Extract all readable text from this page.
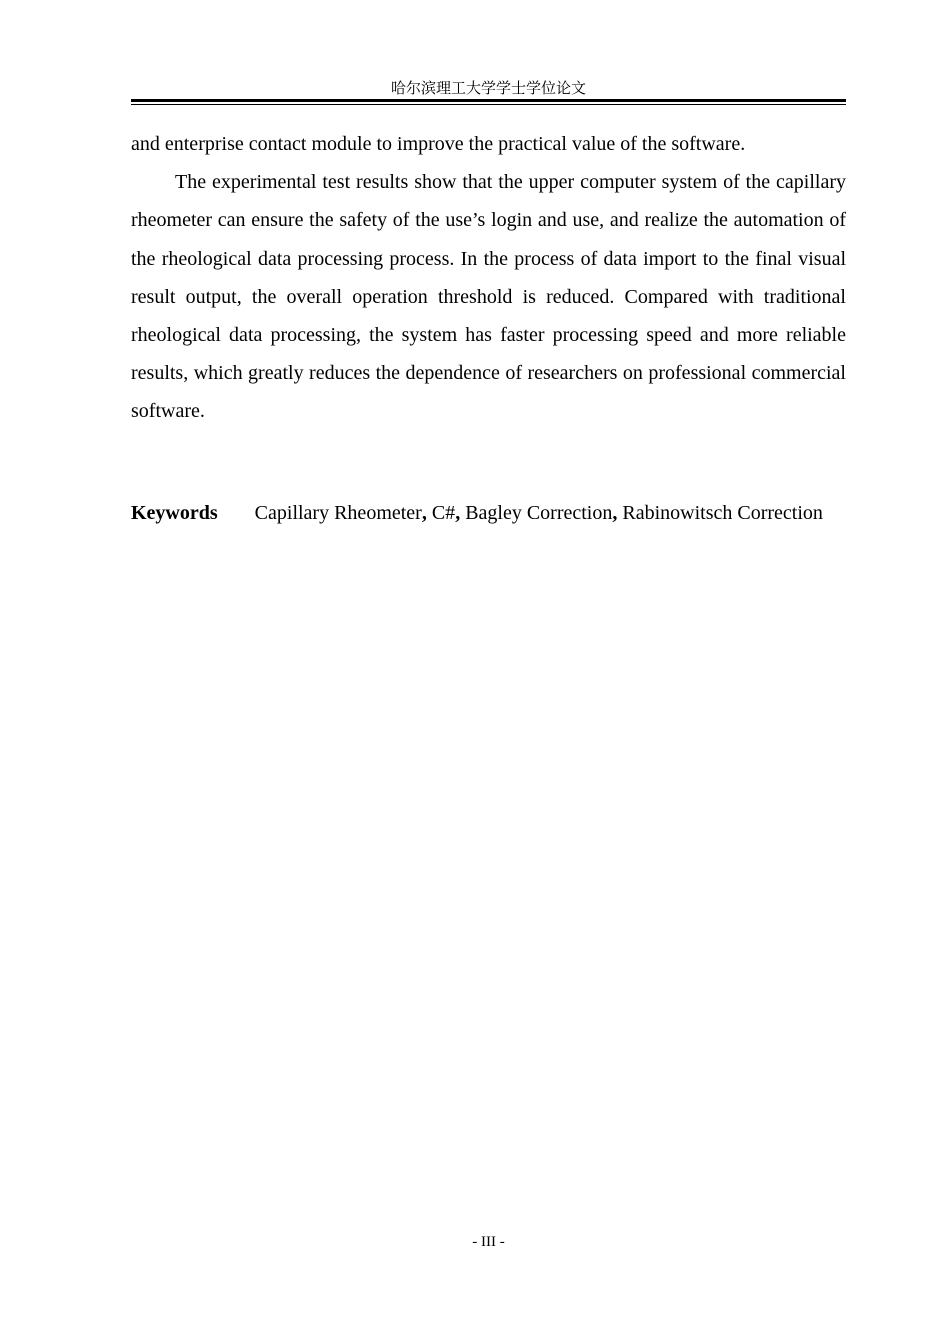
哈尔滨理工大学学士学位论文

and enterprise contact module to improve the practical value of the software.

The experimental test results show that the upper computer system of the capillary rheometer can ensure the safety of the use’s login and use, and realize the automation of the rheological data processing process. In the process of data import to the final visual result output, the overall operation threshold is reduced. Compared with traditional rheological data processing, the system has faster processing speed and more reliable results, which greatly reduces the dependence of researchers on professional commercial software.

Keywords Capillary Rheometer, C#, Bagley Correction, Rabinowitsch Correction
- III -
